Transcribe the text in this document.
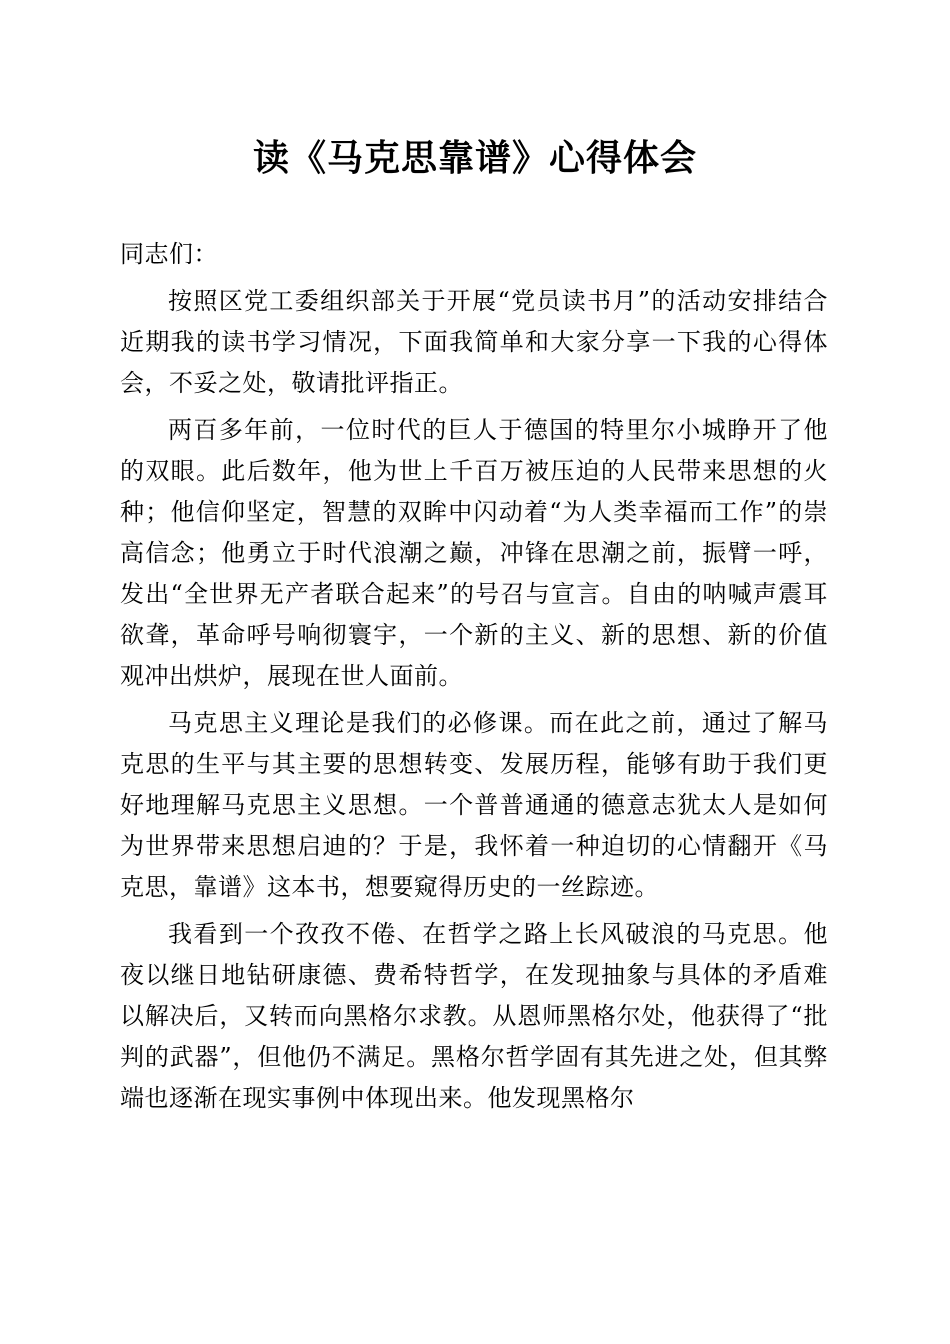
读《马克思靠谱》心得体会

同志们：

按照区党工委组织部关于开展“党员读书月”的活动安排结合近期我的读书学习情况，下面我简单和大家分享一下我的心得体会，不妥之处，敬请批评指正。

两百多年前，一位时代的巨人于德国的特里尔小城睁开了他的双眼。此后数年，他为世上千百万被压迫的人民带来思想的火种；他信仰坚定，智慧的双眸中闪动着“为人类幸福而工作”的崇高信念；他勇立于时代浪潮之巅，冲锋在思潮之前，振臂一呼，发出“全世界无产者联合起来”的号召与宣言。自由的呐喊声震耳欲聋，革命呼号响彻寰宇，一个新的主义、新的思想、新的价值观冲出烘炉，展现在世人面前。

马克思主义理论是我们的必修课。而在此之前，通过了解马克思的生平与其主要的思想转变、发展历程，能够有助于我们更好地理解马克思主义思想。一个普普通通的德意志犹太人是如何为世界带来思想启迪的？于是，我怀着一种迫切的心情翻开《马克思，靠谱》这本书，想要窥得历史的一丝踪迹。

我看到一个孜孜不倦、在哲学之路上长风破浪的马克思。他夜以继日地钻研康德、费希特哲学，在发现抽象与具体的矛盾难以解决后，又转而向黑格尔求教。从恩师黑格尔处，他获得了“批判的武器”，但他仍不满足。黑格尔哲学固有其先进之处，但其弊端也逐渐在现实事例中体现出来。他发现黑格尔
